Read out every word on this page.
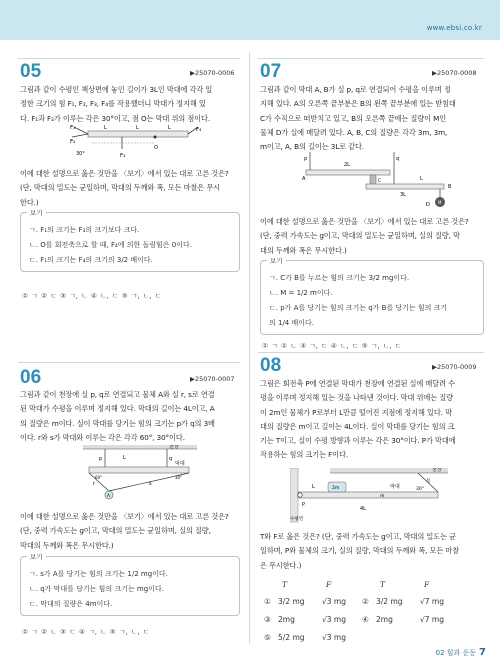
www.ebsi.co.kr
05	▶25070-0006

그림과 같이 수평인 책상면에 놓인 길이가 3L인 막대에 각각 일

정한 크기의 힘 F₁, F₂, F₃, F₄를 작용했더니 막대가 정지해 있

다. F₁과 F₂가 이루는 각은 30°이고, 점 O는 막대 위의 점이다.

F₁
F₂
F₃
F₄
O
L	L	L
30°

이에 대한 설명으로 옳은 것만을 〈보기〉에서 있는 대로 고른 것은?

(단, 막대의 밀도는 균일하며, 막대의 두께와 폭, 모든 마찰은 무시

한다.)

보기

ㄱ. F₁의 크기는 F₃의 크기보다 크다.

ㄴ. O를 회전축으로 할 때, F₄에 의한 돌림힘은 0이다.

ㄷ. F₁의 크기는 F₄의 크기의 3/2 배이다.

① ㄱ ② ㄷ ③ ㄱ, ㄴ ④ ㄴ, ㄷ ⑤ ㄱ, ㄴ, ㄷ
06	▶25070-0007

그림과 같이 천장에 실 p, q로 연결되고 물체 A와 실 r, s로 연결

된 막대가 수평을 이루며 정지해 있다. 막대의 길이는 4L이고, A

의 질량은 m이다. 실이 막대를 당기는 힘의 크기는 p가 q의 3배

이다. r와 s가 막대와 이루는 각은 각각 60°, 30°이다.

천장
막대
p	q
r	s
A
L
60°	30°

이에 대한 설명으로 옳은 것만을 〈보기〉에서 있는 대로 고른 것은?

(단, 중력 가속도는 g이고, 막대의 밀도는 균일하며, 실의 질량,

막대의 두께와 폭은 무시한다.)

보기

ㄱ. s가 A를 당기는 힘의 크기는 1/2 mg이다.

ㄴ. q가 막대를 당기는 힘의 크기는 mg이다.

ㄷ. 막대의 질량은 4m이다.

① ㄱ ② ㄴ ③ ㄷ ④ ㄱ, ㄴ ⑤ ㄱ, ㄴ, ㄷ
07	▶25070-0008

그림과 같이 막대 A, B가 실 p, q로 연결되어 수평을 이루며 정

지해 있다. A의 오른쪽 끝부분은 B의 왼쪽 끝부분에 있는 받침대

C가 수직으로 떠받치고 있고, B의 오른쪽 끝에는 질량이 M인

물체 D가 실에 매달려 있다. A, B, C의 질량은 각각 3m, 3m,

m이고, A, B의 길이는 3L로 같다.

p	q
A
B
C
D M
2L
3L
L

이에 대한 설명으로 옳은 것만을 〈보기〉에서 있는 대로 고른 것은?

(단, 중력 가속도는 g이고, 막대의 밀도는 균일하며, 실의 질량, 막

대의 두께와 폭은 무시한다.)

보기

ㄱ. C가 B를 누르는 힘의 크기는 3/2 mg이다.

ㄴ. M = 1/2 m이다.

ㄷ. p가 A를 당기는 힘의 크기는 q가 B를 당기는 힘의 크기

의 1/4 배이다.

① ㄱ ② ㄴ ③ ㄱ, ㄷ ④ ㄴ, ㄷ ⑤ ㄱ, ㄴ, ㄷ
08	▶25070-0009

그림은 회전축 P에 연결된 막대가 천장에 연결된 실에 매달려 수

평을 이루며 정지해 있는 것을 나타낸 것이다. 막대 위에는 질량

이 2m인 물체가 P로부터 L만큼 떨어진 지점에 정지해 있다. 막

대의 질량은 m이고 길이는 4L이다. 실이 막대를 당기는 힘의 크

기는 T이고, 실이 수평 방향과 이루는 각은 30°이다. P가 막대에

작용하는 힘의 크기는 F이다.

천장
막대
수평면
P
L
4L
2m
m
30°
실

T와 F로 옳은 것은? (단, 중력 가속도는 g이고, 막대의 밀도는 균

일하며, P와 물체의 크기, 실의 질량, 막대의 두께와 폭, 모든 마찰

은 무시한다.)

T	F	T	F
① 3/2 mg √3 mg ② 3/2 mg √7 mg
③ 2mg	√3 mg ④ 2mg	√7 mg
⑤ 5/2 mg √3 mg
02 힘과 운동 7
